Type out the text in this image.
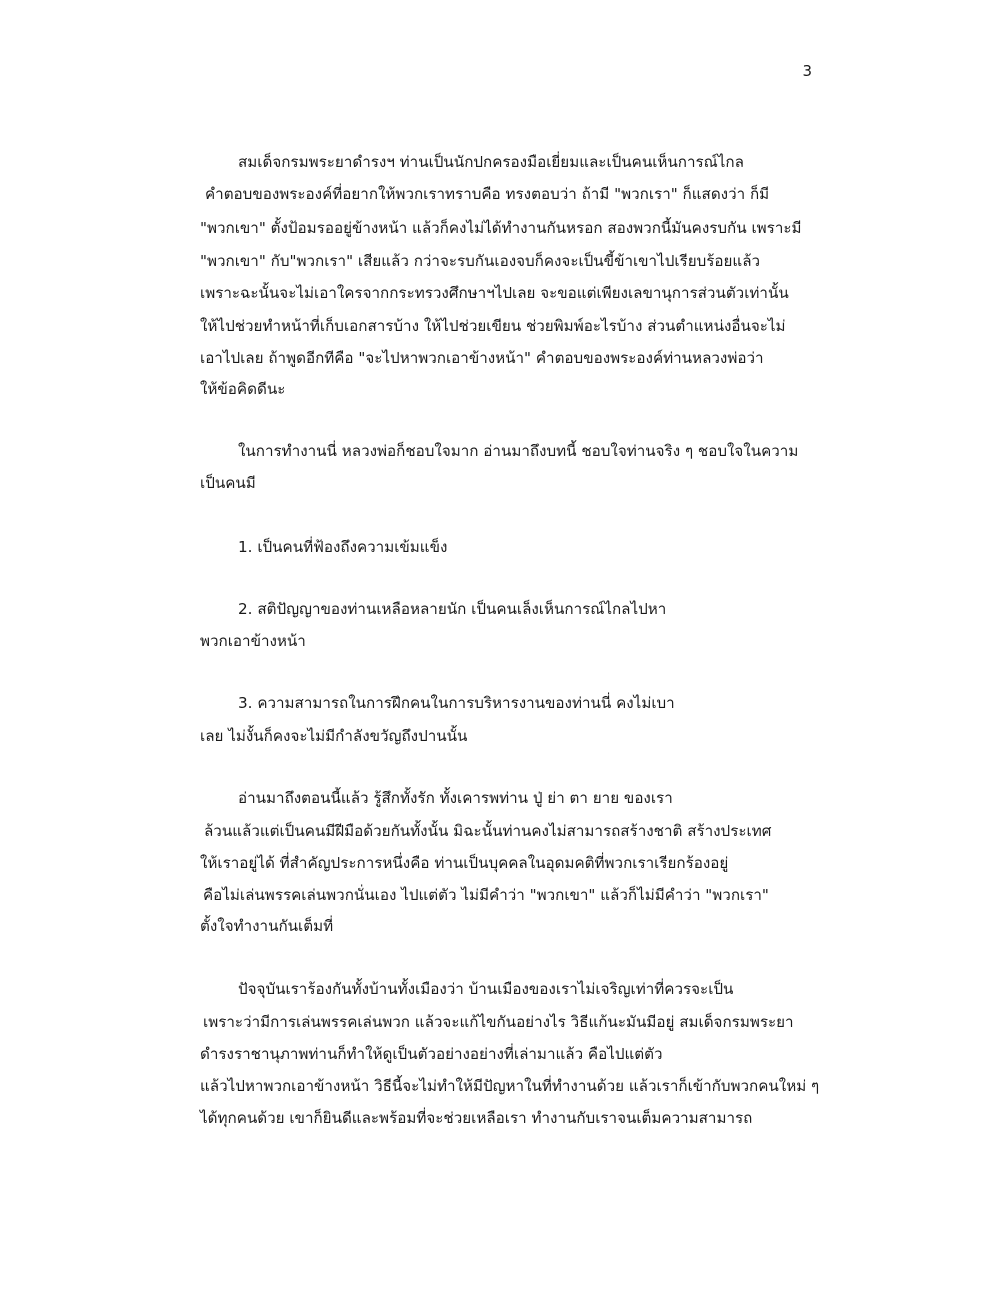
3
สมเด็จกรมพระยาดำรงฯ ท่านเป็นนักปกครองมือเยี่ยมและเป็นคนเห็นการณ์ไกล
คำตอบของพระองค์ที่อยากให้พวกเราทราบคือ ทรงตอบว่า ถ้ามี "พวกเรา" ก็แสดงว่า ก็มี
"พวกเขา" ตั้งป้อมรออยู่ข้างหน้า แล้วก็คงไม่ได้ทำงานกันหรอก สองพวกนี้มันคงรบกัน เพราะมี
"พวกเขา" กับ"พวกเรา" เสียแล้ว กว่าจะรบกันเองจบก็คงจะเป็นขี้ข้าเขาไปเรียบร้อยแล้ว
เพราะฉะนั้นจะไม่เอาใครจากกระทรวงศึกษาฯไปเลย จะขอแต่เพียงเลขานุการส่วนตัวเท่านั้น
ให้ไปช่วยทำหน้าที่เก็บเอกสารบ้าง ให้ไปช่วยเขียน ช่วยพิมพ์อะไรบ้าง ส่วนตำแหน่งอื่นจะไม่
เอาไปเลย ถ้าพูดอีกทีคือ "จะไปหาพวกเอาข้างหน้า" คำตอบของพระองค์ท่านหลวงพ่อว่า
ให้ข้อคิดดีนะ
ในการทำงานนี่ หลวงพ่อก็ชอบใจมาก อ่านมาถึงบทนี้ ชอบใจท่านจริง ๆ ชอบใจในความ
เป็นคนมี
1. เป็นคนที่ฟ้องถึงความเข้มแข็ง
2. สติปัญญาของท่านเหลือหลายนัก เป็นคนเล็งเห็นการณ์ไกลไปหา
พวกเอาข้างหน้า
3. ความสามารถในการฝึกคนในการบริหารงานของท่านนี่ คงไม่เบา
เลย ไม่งั้นก็คงจะไม่มีกำลังขวัญถึงปานนั้น
อ่านมาถึงตอนนี้แล้ว รู้สึกทั้งรัก ทั้งเคารพท่าน ปู่ ย่า ตา ยาย ของเรา
ล้วนแล้วแต่เป็นคนมีฝีมือด้วยกันทั้งนั้น มิฉะนั้นท่านคงไม่สามารถสร้างชาติ สร้างประเทศ
ให้เราอยู่ได้ ที่สำคัญประการหนึ่งคือ ท่านเป็นบุคคลในอุดมคติที่พวกเราเรียกร้องอยู่
คือไม่เล่นพรรคเล่นพวกนั่นเอง ไปแต่ตัว ไม่มีคำว่า "พวกเขา" แล้วก็ไม่มีคำว่า "พวกเรา"
ตั้งใจทำงานกันเต็มที่
ปัจจุบันเราร้องกันทั้งบ้านทั้งเมืองว่า บ้านเมืองของเราไม่เจริญเท่าที่ควรจะเป็น
เพราะว่ามีการเล่นพรรคเล่นพวก แล้วจะแก้ไขกันอย่างไร วิธีแก้นะมันมีอยู่ สมเด็จกรมพระยา
ดำรงราชานุภาพท่านก็ทำให้ดูเป็นตัวอย่างอย่างที่เล่ามาแล้ว คือไปแต่ตัว
แล้วไปหาพวกเอาข้างหน้า วิธีนี้จะไม่ทำให้มีปัญหาในที่ทำงานด้วย แล้วเราก็เข้ากับพวกคนใหม่ ๆ
ได้ทุกคนด้วย เขาก็ยินดีและพร้อมที่จะช่วยเหลือเรา ทำงานกับเราจนเต็มความสามารถ
